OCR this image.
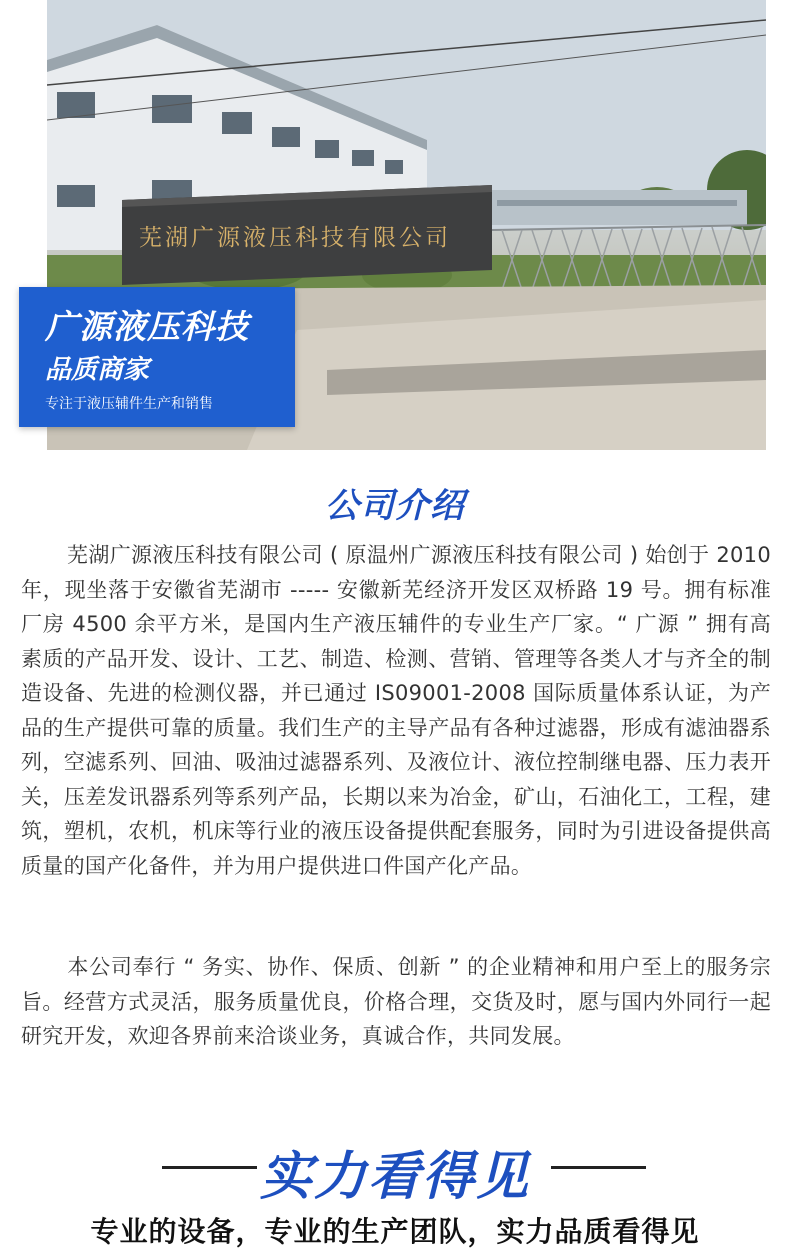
芜湖广源液压科技有限公司
广源液压科技
品质商家
专注于液压辅件生产和销售
公司介绍
芜湖广源液压科技有限公司 ( 原温州广源液压科技有限公司 ) 始创于 2010 年，现坐落于安徽省芜湖市 ----- 安徽新芜经济开发区双桥路 19 号。拥有标准厂房 4500 余平方米，是国内生产液压辅件的专业生产厂家。“ 广源 ” 拥有高素质的产品开发、设计、工艺、制造、检测、营销、管理等各类人才与齐全的制造设备、先进的检测仪器，并已通过 IS09001-2008 国际质量体系认证，为产品的生产提供可靠的质量。我们生产的主导产品有各种过滤器，形成有滤油器系列，空滤系列、回油、吸油过滤器系列、及液位计、液位控制继电器、压力表开关，压差发讯器系列等系列产品，长期以来为冶金，矿山，石油化工，工程，建筑，塑机，农机，机床等行业的液压设备提供配套服务，同时为引进设备提供高质量的国产化备件，并为用户提供进口件国产化产品。
本公司奉行 “ 务实、协作、保质、创新 ” 的企业精神和用户至上的服务宗旨。经营方式灵活，服务质量优良，价格合理，交货及时，愿与国内外同行一起研究开发，欢迎各界前来洽谈业务，真诚合作，共同发展。
实力看得见
专业的设备，专业的生产团队，实力品质看得见
